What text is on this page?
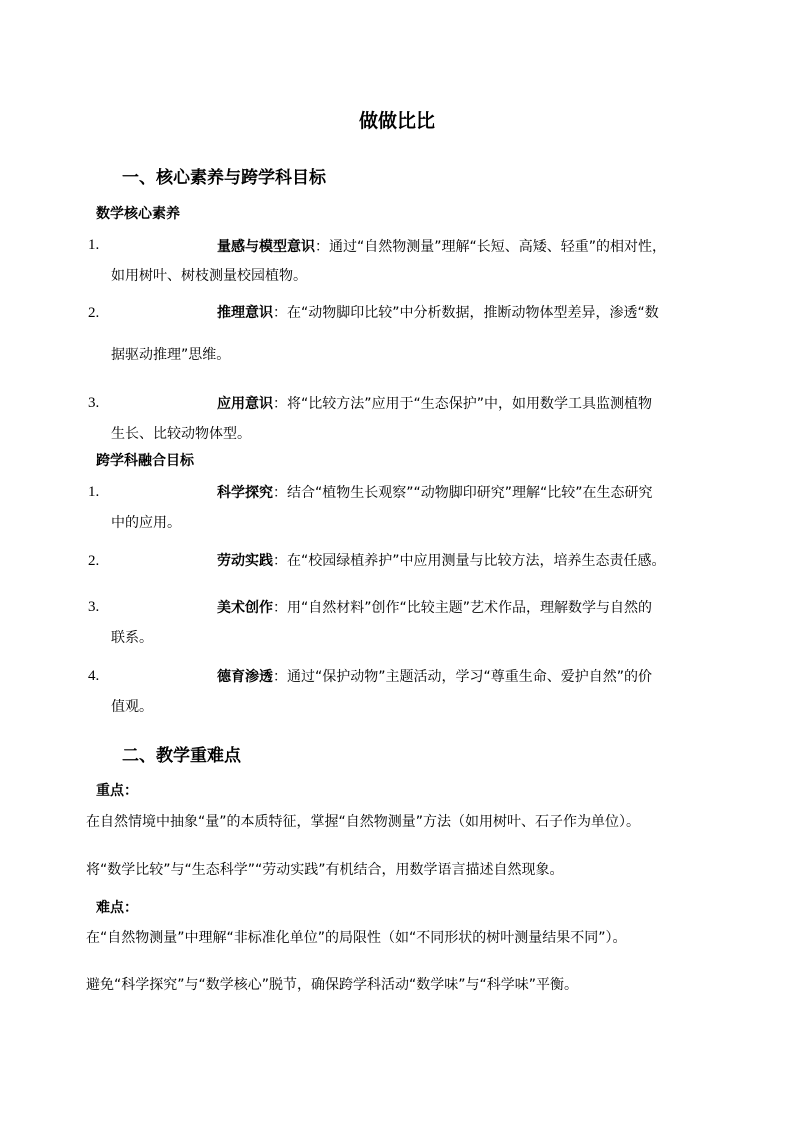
做做比比
一、核心素养与跨学科目标
数学核心素养
1.	量感与模型意识：通过“自然物测量”理解“长短、高矮、轻重”的相对性，
如用树叶、树枝测量校园植物。
2.	推理意识：在“动物脚印比较”中分析数据，推断动物体型差异，渗透“数
据驱动推理”思维。
3.	应用意识：将“比较方法”应用于“生态保护”中，如用数学工具监测植物
生长、比较动物体型。
跨学科融合目标
1.	科学探究：结合“植物生长观察”“动物脚印研究”理解“比较”在生态研究
中的应用。
2.	劳动实践：在“校园绿植养护”中应用测量与比较方法，培养生态责任感。
3.	美术创作：用“自然材料”创作“比较主题”艺术作品，理解数学与自然的
联系。
4.	德育渗透：通过“保护动物”主题活动，学习“尊重生命、爱护自然”的价
值观。
二、教学重难点
重点：
在自然情境中抽象“量”的本质特征，掌握“自然物测量”方法（如用树叶、石子作为单位）。
将“数学比较”与“生态科学”“劳动实践”有机结合，用数学语言描述自然现象。
难点：
在“自然物测量”中理解“非标准化单位”的局限性（如“不同形状的树叶测量结果不同”）。
避免“科学探究”与“数学核心”脱节，确保跨学科活动“数学味”与“科学味”平衡。
